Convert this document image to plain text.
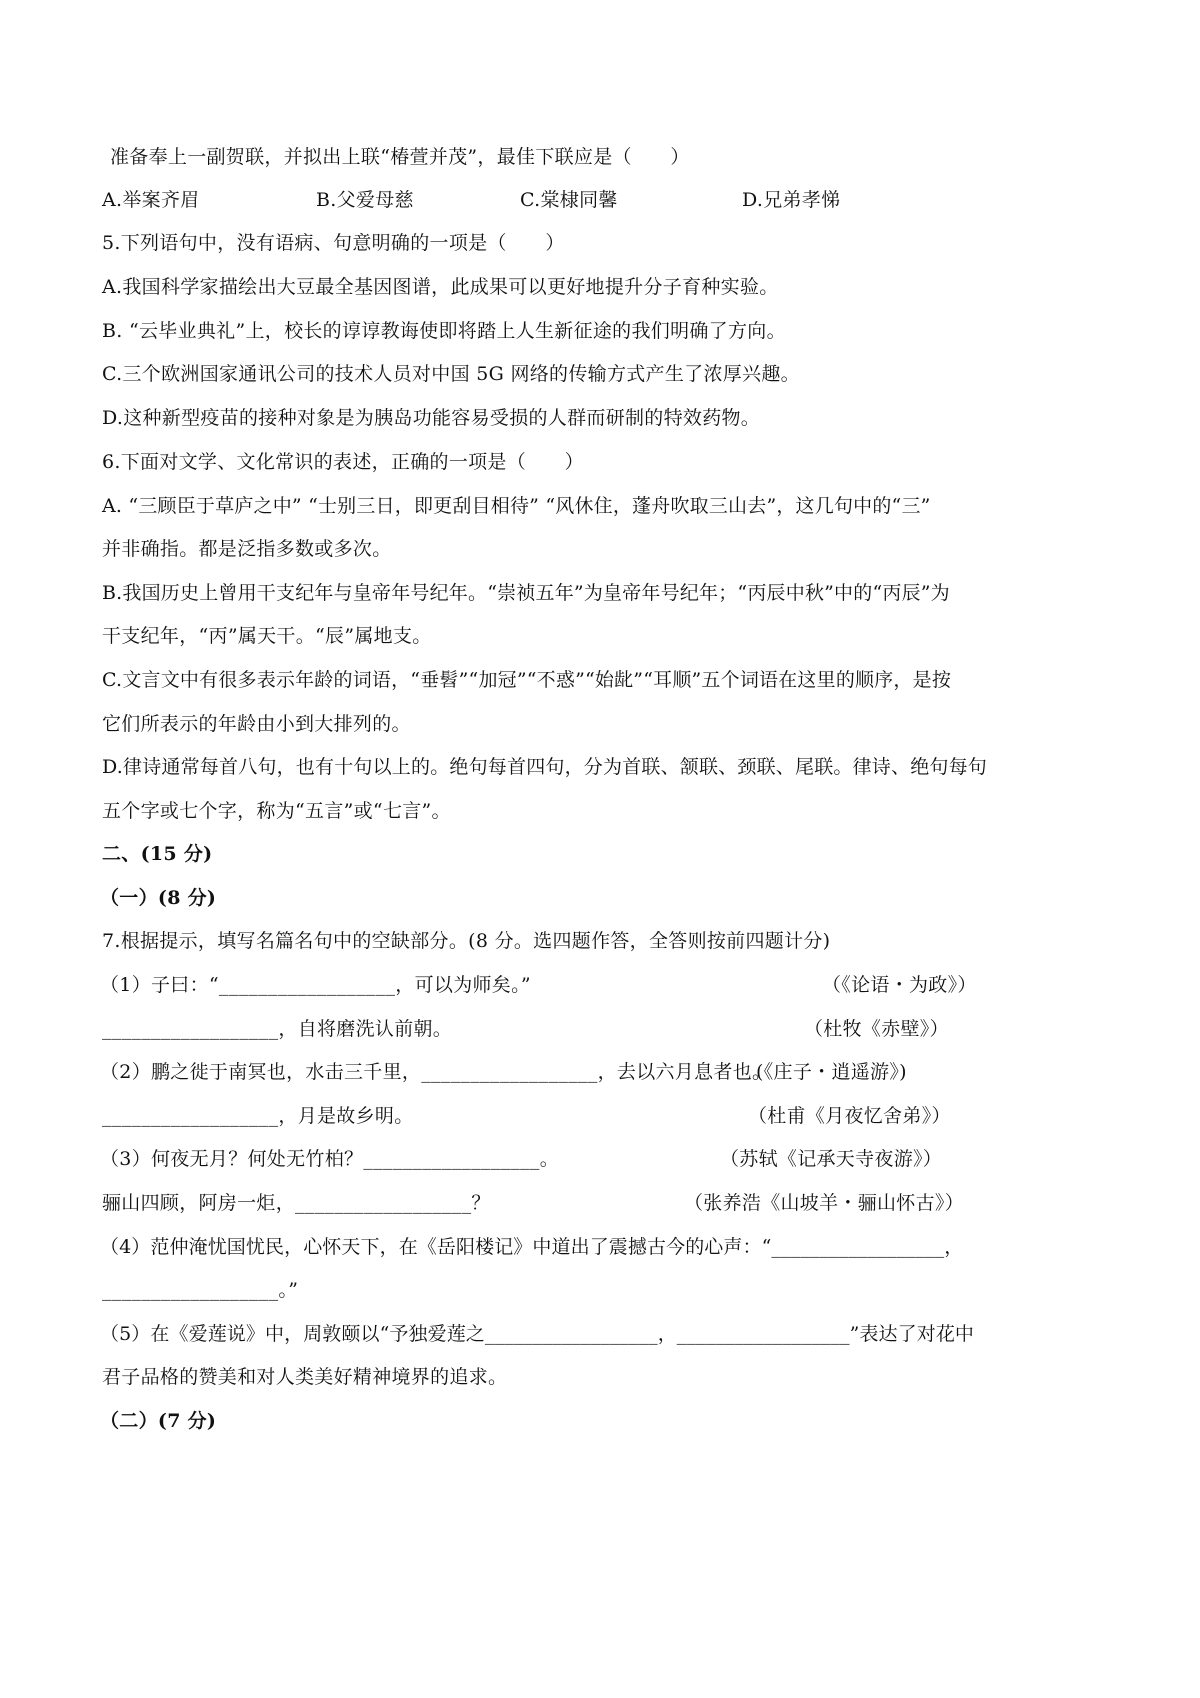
准备奉上一副贺联，并拟出上联“椿萱并茂”，最佳下联应是（　　）
A.举案齐眉	B.父爱母慈	C.棠棣同馨	D.兄弟孝悌
5.下列语句中，没有语病、句意明确的一项是（　　）
A.我国科学家描绘出大豆最全基因图谱，此成果可以更好地提升分子育种实验。
B. “云毕业典礼”上，校长的谆谆教诲使即将踏上人生新征途的我们明确了方向。
C.三个欧洲国家通讯公司的技术人员对中国 5G 网络的传输方式产生了浓厚兴趣。
D.这种新型疫苗的接种对象是为胰岛功能容易受损的人群而研制的特效药物。
6.下面对文学、文化常识的表述，正确的一项是（　　）
A. “三顾臣于草庐之中” “士别三日，即更刮目相待” “风休住，蓬舟吹取三山去”，这几句中的“三”
并非确指。都是泛指多数或多次。
B.我国历史上曾用干支纪年与皇帝年号纪年。“崇祯五年”为皇帝年号纪年；“丙辰中秋”中的“丙辰”为
干支纪年，“丙”属天干。“辰”属地支。
C.文言文中有很多表示年龄的词语，“垂髫”“加冠”“不惑”“始龀”“耳顺”五个词语在这里的顺序，是按
它们所表示的年龄由小到大排列的。
D.律诗通常每首八句，也有十句以上的。绝句每首四句，分为首联、颔联、颈联、尾联。律诗、绝句每句
五个字或七个字，称为“五言”或“七言”。
二、(15 分)
（一）(8 分)
7.根据提示，填写名篇名句中的空缺部分。(8 分。选四题作答，全答则按前四题计分)
（1）子曰：“__________________，可以为师矣。”	（《论语・为政》）
__________________，自将磨洗认前朝。	（杜牧《赤壁》）
（2）鹏之徙于南冥也，水击三千里，__________________，去以六月息者也。
(《庄子・逍遥游》)
__________________，月是故乡明。	（杜甫《月夜忆舍弟》）
（3）何夜无月？何处无竹柏？__________________。	（苏轼《记承天寺夜游》）
骊山四顾，阿房一炬，__________________？	（张养浩《山坡羊・骊山怀古》）
（4）范仲淹忧国忧民，心怀天下，在《岳阳楼记》中道出了震撼古今的心声：“__________________，
__________________。”
（5）在《爱莲说》中，周敦颐以“予独爱莲之__________________，__________________”表达了对花中
君子品格的赞美和对人类美好精神境界的追求。
（二）(7 分)
